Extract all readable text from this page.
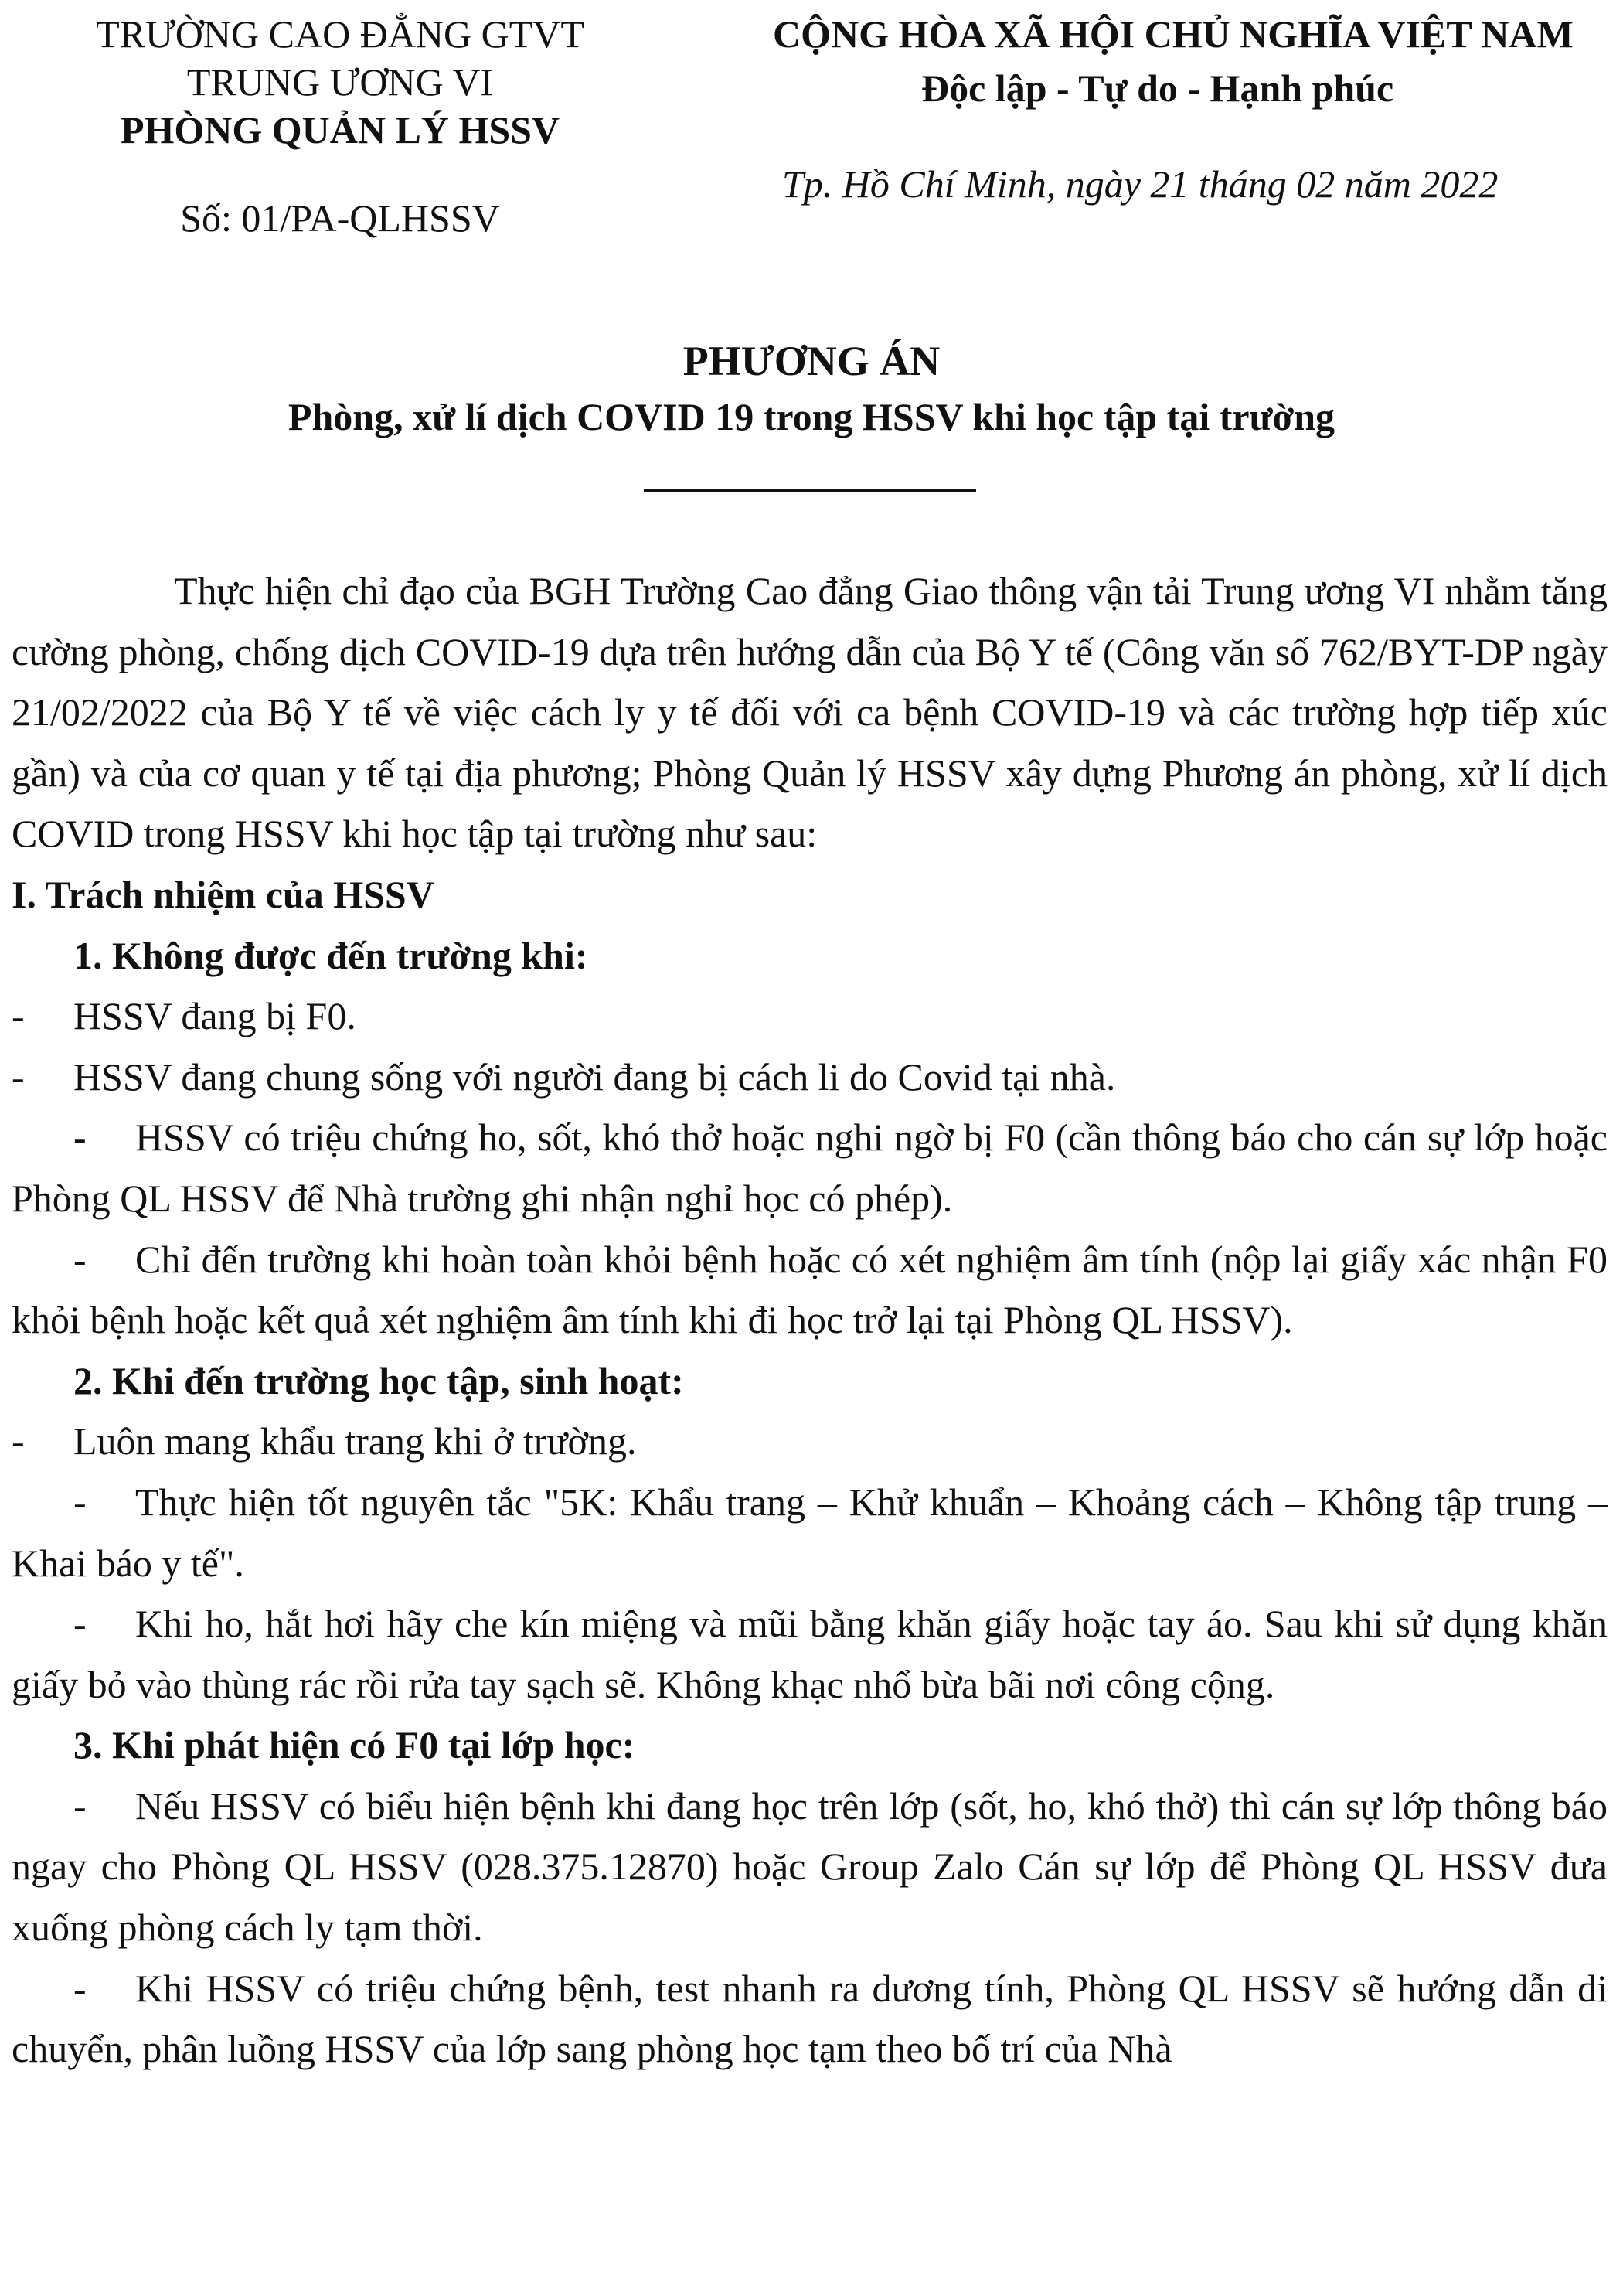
TRƯỜNG CAO ĐẲNG GTVT
TRUNG ƯƠNG VI
PHÒNG QUẢN LÝ HSSV
Số: 01/PA-QLHSSV
CỘNG HÒA XÃ HỘI CHỦ NGHĨA VIỆT NAM
Độc lập - Tự do - Hạnh phúc
Tp. Hồ Chí Minh, ngày 21 tháng 02 năm 2022
PHƯƠNG ÁN
Phòng, xử lí dịch COVID 19 trong HSSV khi học tập tại trường

Thực hiện chỉ đạo của BGH Trường Cao đẳng Giao thông vận tải Trung ương VI nhằm tăng cường phòng, chống dịch COVID-19 dựa trên hướng dẫn của Bộ Y tế (Công văn số 762/BYT-DP ngày 21/02/2022 của Bộ Y tế về việc cách ly y tế đối với ca bệnh COVID-19 và các trường hợp tiếp xúc gần) và của cơ quan y tế tại địa phương; Phòng Quản lý HSSV xây dựng Phương án phòng, xử lí dịch COVID trong HSSV khi học tập tại trường như sau:

I. Trách nhiệm của HSSV

1. Không được đến trường khi:

- HSSV đang bị F0.

- HSSV đang chung sống với người đang bị cách li do Covid tại nhà.

- HSSV có triệu chứng ho, sốt, khó thở hoặc nghi ngờ bị F0 (cần thông báo cho cán sự lớp hoặc Phòng QL HSSV để Nhà trường ghi nhận nghỉ học có phép).

- Chỉ đến trường khi hoàn toàn khỏi bệnh hoặc có xét nghiệm âm tính (nộp lại giấy xác nhận F0 khỏi bệnh hoặc kết quả xét nghiệm âm tính khi đi học trở lại tại Phòng QL HSSV).

2. Khi đến trường học tập, sinh hoạt:

- Luôn mang khẩu trang khi ở trường.

- Thực hiện tốt nguyên tắc "5K: Khẩu trang – Khử khuẩn – Khoảng cách – Không tập trung – Khai báo y tế".

- Khi ho, hắt hơi hãy che kín miệng và mũi bằng khăn giấy hoặc tay áo. Sau khi sử dụng khăn giấy bỏ vào thùng rác rồi rửa tay sạch sẽ. Không khạc nhổ bừa bãi nơi công cộng.

3. Khi phát hiện có F0 tại lớp học:

- Nếu HSSV có biểu hiện bệnh khi đang học trên lớp (sốt, ho, khó thở) thì cán sự lớp thông báo ngay cho Phòng QL HSSV (028.375.12870) hoặc Group Zalo Cán sự lớp để Phòng QL HSSV đưa xuống phòng cách ly tạm thời.

- Khi HSSV có triệu chứng bệnh, test nhanh ra dương tính, Phòng QL HSSV sẽ hướng dẫn di chuyển, phân luồng HSSV của lớp sang phòng học tạm theo bố trí của Nhà
